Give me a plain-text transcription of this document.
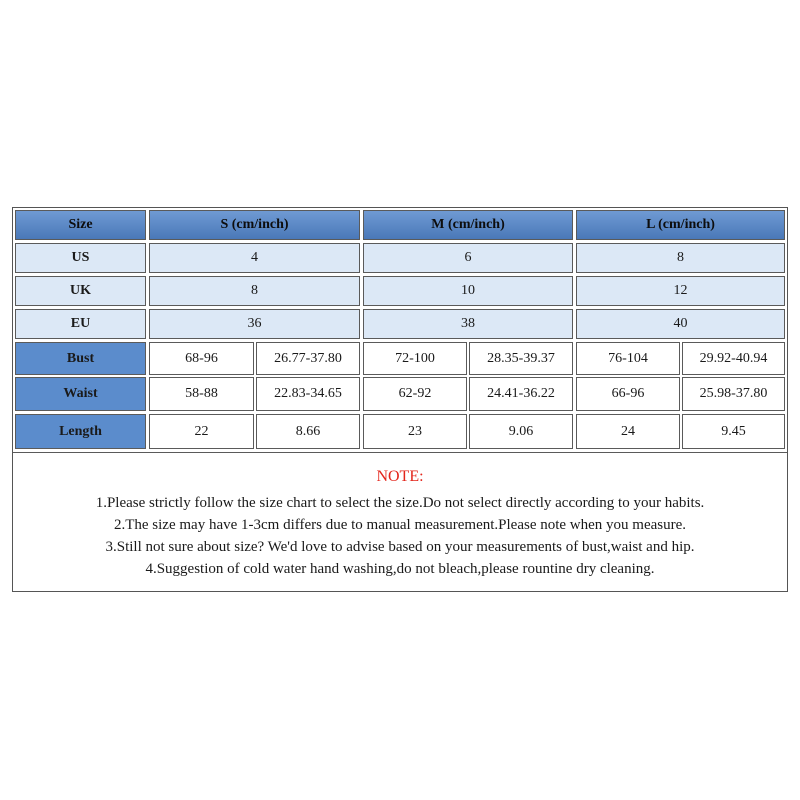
Size	S (cm/inch)	M (cm/inch)	L (cm/inch)
US	4	6	8
UK	8	10	12
EU	36	38	40
Bust	68-96	26.77-37.80	72-100	28.35-39.37	76-104	29.92-40.94
Waist	58-88	22.83-34.65	62-92	24.41-36.22	66-96	25.98-37.80
Length	22	8.66	23	9.06	24	9.45
NOTE:
1.Please strictly follow the size chart to select the size.Do not select directly according to your habits.
2.The size may have 1-3cm differs due to manual measurement.Please note when you measure.
3.Still not sure about size? We'd love to advise based on your measurements of bust,waist and hip.
4.Suggestion of cold water hand washing,do not bleach,please rountine dry cleaning.
